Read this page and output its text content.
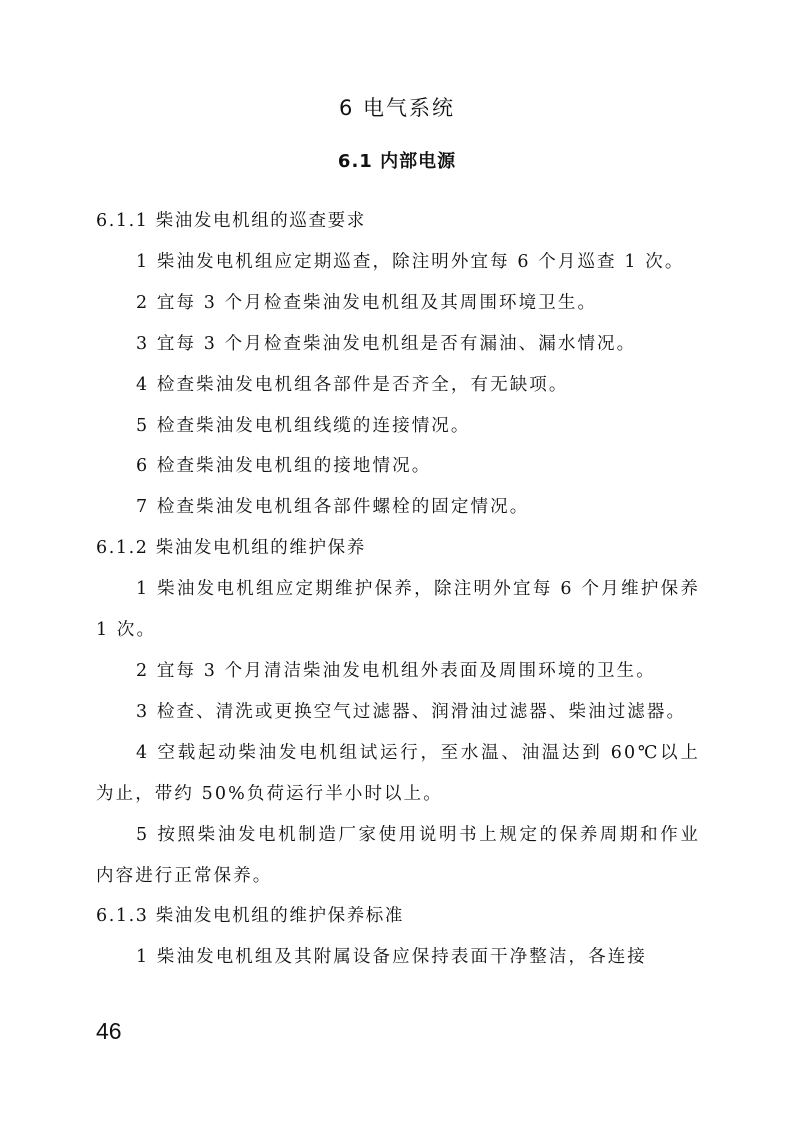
6 电气系统
6.1 内部电源

6.1.1 柴油发电机组的巡查要求

1 柴油发电机组应定期巡查，除注明外宜每 6 个月巡查 1 次。

2 宜每 3 个月检查柴油发电机组及其周围环境卫生。

3 宜每 3 个月检查柴油发电机组是否有漏油、漏水情况。

4 检查柴油发电机组各部件是否齐全，有无缺项。

5 检查柴油发电机组线缆的连接情况。

6 检查柴油发电机组的接地情况。

7 检查柴油发电机组各部件螺栓的固定情况。

6.1.2 柴油发电机组的维护保养

1 柴油发电机组应定期维护保养，除注明外宜每 6 个月维护保养 1 次。

2 宜每 3 个月清洁柴油发电机组外表面及周围环境的卫生。

3 检查、清洗或更换空气过滤器、润滑油过滤器、柴油过滤器。

4 空载起动柴油发电机组试运行，至水温、油温达到 60℃以上为止，带约 50%负荷运行半小时以上。

5 按照柴油发电机制造厂家使用说明书上规定的保养周期和作业内容进行正常保养。

6.1.3 柴油发电机组的维护保养标准

1 柴油发电机组及其附属设备应保持表面干净整洁，各连接

46
